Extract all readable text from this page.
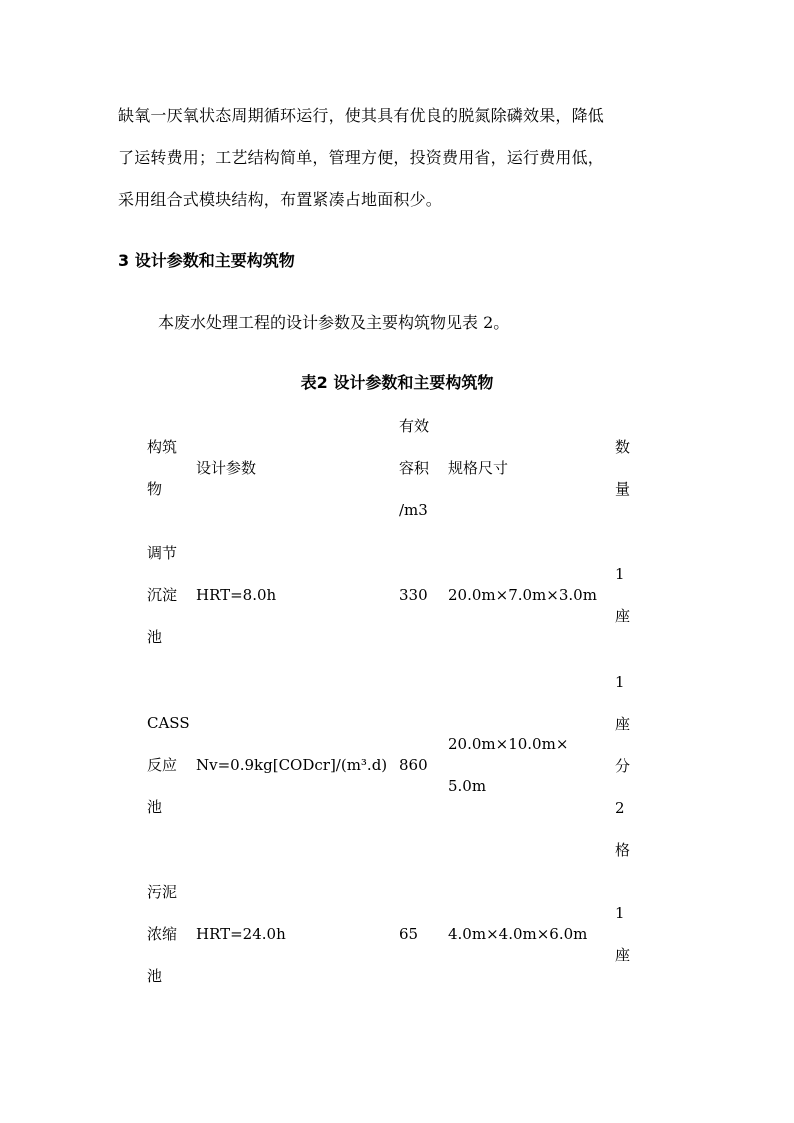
缺氧一厌氧状态周期循环运行，使其具有优良的脱氮除磷效果，降低
了运转费用；工艺结构简单，管理方便，投资费用省，运行费用低，
采用组合式模块结构，布置紧凑占地面积少。
3 设计参数和主要构筑物
本废水处理工程的设计参数及主要构筑物见表 2。
表2 设计参数和主要构筑物
构筑
物
设计参数
有效
容积
/m3
规格尺寸
数
量
调节
沉淀
池
HRT=8.0h	330 20.0m×7.0m×3.0m
1
座
CASS
反应
池
Nv=0.9kg[CODcr]/(m³.d) 860
20.0m×10.0m×
5.0m
1
座
分
2
格
污泥
浓缩
池
HRT=24.0h	65 4.0m×4.0m×6.0m
1
座
